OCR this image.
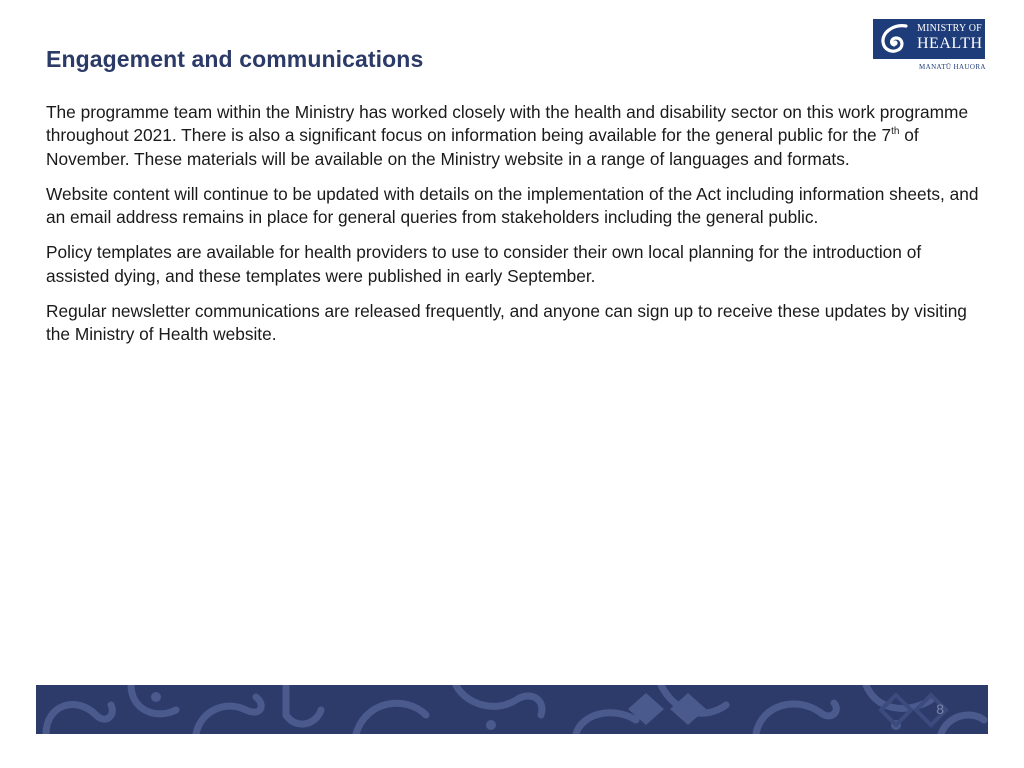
Engagement and communications
MINISTRY OF
HEALTH
MANATŪ HAUORA

The programme team within the Ministry has worked closely with the health and disability sector on this work programme throughout 2021. There is also a significant focus on information being available for the general public for the 7th of November. These materials will be available on the Ministry website in a range of languages and formats.

Website content will continue to be updated with details on the implementation of the Act including information sheets, and an email address remains in place for general queries from stakeholders including the general public.

Policy templates are available for health providers to use to consider their own local planning for the introduction of assisted dying, and these templates were published in early September.

Regular newsletter communications are released frequently, and anyone can sign up to receive these updates by visiting the Ministry of Health website.

8
